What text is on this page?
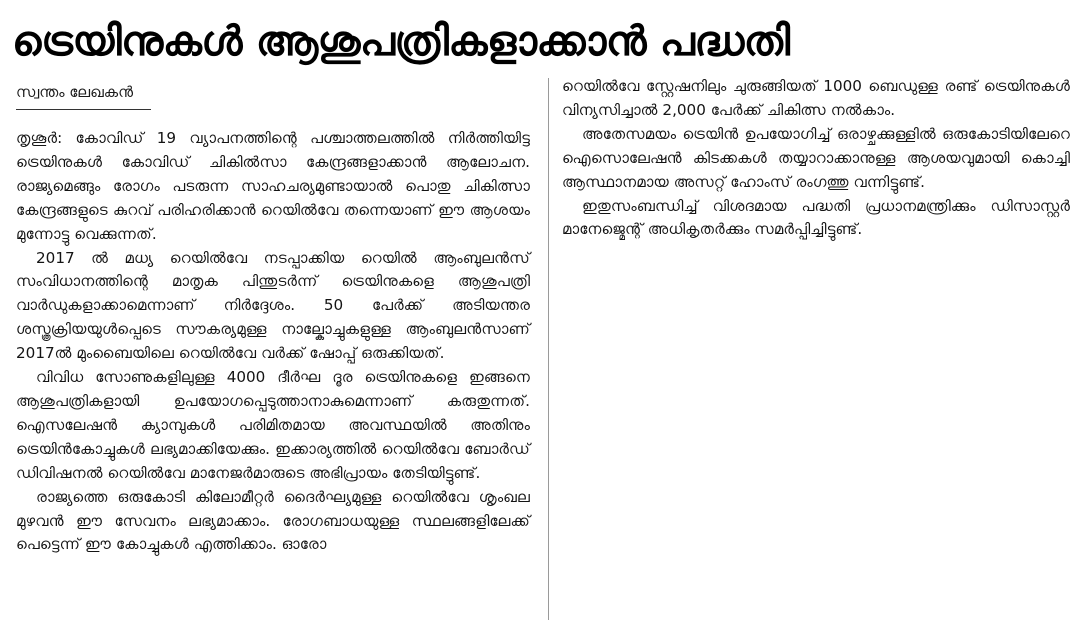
ട്രെയിനുകൾ ആശുപത്രികളാക്കാൻ പദ്ധതി
സ്വന്തം ലേഖകൻ

തൃശൂർ: കോവിഡ് 19 വ്യാപനത്തിന്റെ പശ്ചാത്തലത്തിൽ നിർത്തിയിട്ട ട്രെയിനുകൾ കോവിഡ് ചികിൽസാ കേന്ദ്രങ്ങളാക്കാൻ ആലോചന. രാജ്യമെങ്ങും രോഗം പടരുന്ന സാഹചര്യമുണ്ടായാൽ പൊതു ചികിത്സാ കേന്ദ്രങ്ങളുടെ കുറവ് പരിഹരിക്കാൻ റെയിൽവേ തന്നെയാണ് ഈ ആശയം മുന്നോട്ടു വെക്കുന്നത്.

2017 ൽ മധ്യ റെയിൽവേ നടപ്പാക്കിയ റെയിൽ ആംബുലൻസ് സംവിധാനത്തിന്റെ മാതൃക പിന്തുടർന്ന് ട്രെയിനുകളെ ആശുപത്രി വാർഡുകളാക്കാമെന്നാണ് നിർദ്ദേശം. 50 പേർക്ക് അടിയന്തര ശസ്ത്രക്രിയയുൾപ്പെടെ സൗകര്യമുള്ള നാല്കോച്ചുകളുള്ള ആംബുലൻസാണ് 2017ൽ മുംബൈയിലെ റെയിൽവേ വർക്ക് ഷോപ്പ് ഒരുക്കിയത്.

വിവിധ സോണുകളിലുള്ള 4000 ദീർഘ ദൂര ട്രെയിനുകളെ ഇങ്ങനെ ആശുപത്രികളായി ഉപയോഗപ്പെടുത്താനാകുമെന്നാണ് കരുതുന്നത്. ഐസലേഷൻ ക്യാമ്പുകൾ പരിമിതമായ അവസ്ഥയിൽ അതിനും ട്രെയിൻകോച്ചുകൾ ലഭ്യമാക്കിയേക്കും. ഇക്കാര്യത്തിൽ റെയിൽവേ ബോർഡ് ഡിവിഷനൽ റെയിൽവേ മാനേജർമാരുടെ അഭിപ്രായം തേടിയിട്ടുണ്ട്.

രാജ്യത്തെ ഒരുകോടി കിലോമീറ്റർ ദൈർഘ്യമുള്ള റെയിൽവേ ശൃംഖല മുഴവൻ ഈ സേവനം ലഭ്യമാക്കാം. രോഗബാധയുള്ള സ്ഥലങ്ങളിലേക്ക് പെട്ടെന്ന് ഈ കോച്ചുകൾ എത്തിക്കാം. ഓരോ

റെയിൽവേ സ്റ്റേഷനിലും ചുരുങ്ങിയത് 1000 ബെഡുള്ള രണ്ട് ട്രെയിനുകൾ വിന്യസിച്ചാൽ 2,000 പേർക്ക് ചികിത്സ നൽകാം.

അതേസമയം ട്രെയിൻ ഉപയോഗിച്ച് ഒരാഴ്ചക്കുള്ളിൽ ഒരുകോടിയിലേറെ ഐസൊലേഷൻ കിടക്കകൾ തയ്യാറാക്കാനുള്ള ആശയവുമായി കൊച്ചി ആസ്ഥാനമായ അസറ്റ് ഹോംസ് രംഗത്തു വന്നിട്ടുണ്ട്.

ഇതുസംബന്ധിച്ച് വിശദമായ പദ്ധതി പ്രധാനമന്ത്രിക്കും ഡിസാസ്റ്റർ മാനേജ്മെന്റ് അധികൃതർക്കും സമർപ്പിച്ചിട്ടുണ്ട്.
